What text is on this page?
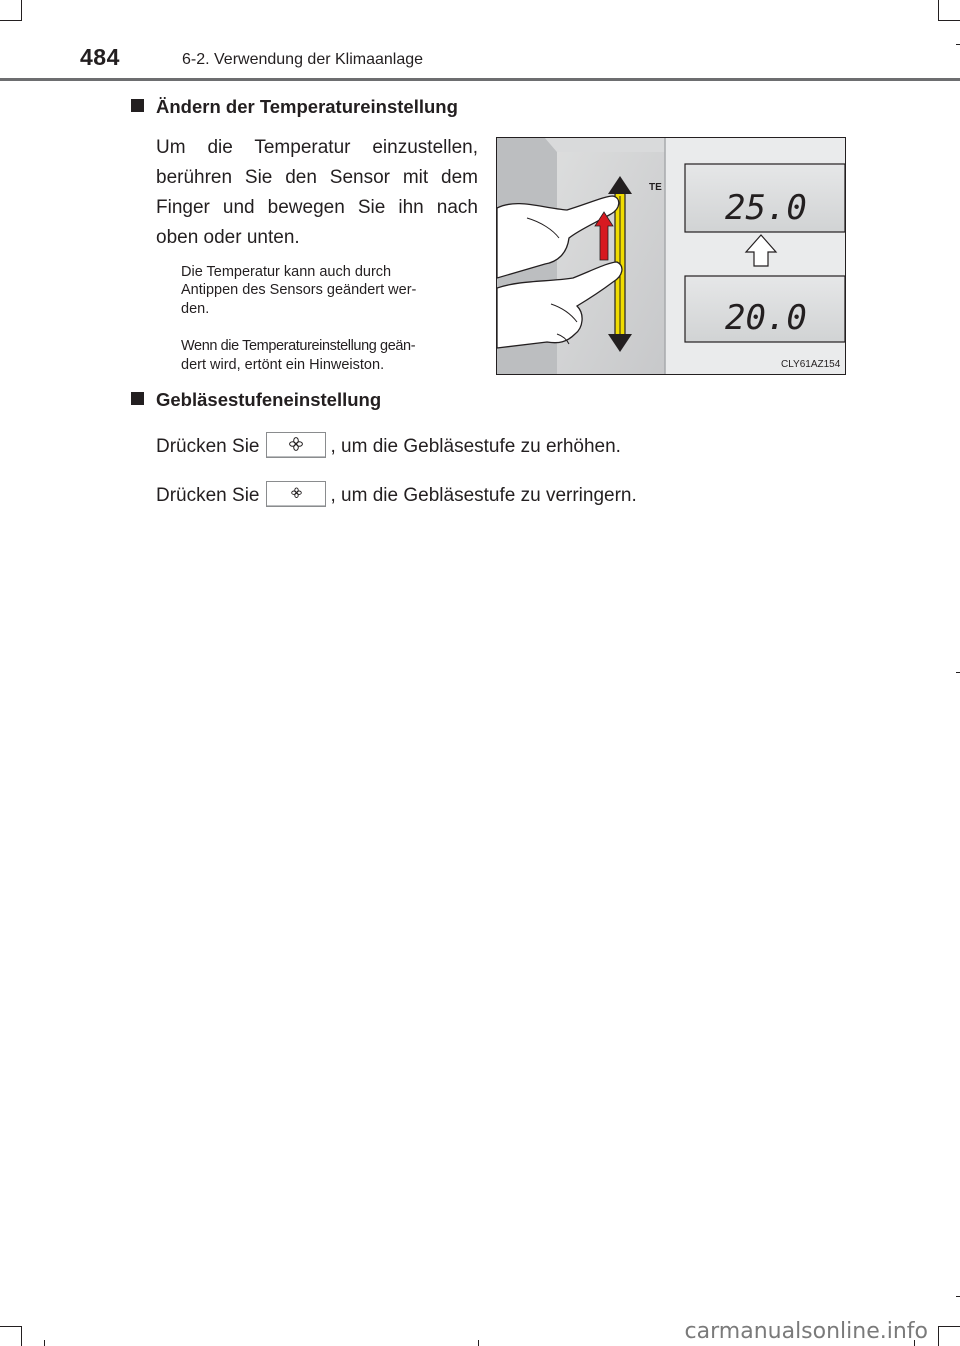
484	6-2. Verwendung der Klimaanlage
Ändern der Temperatureinstellung
Um die Temperatur einzustellen,
berühren Sie den Sensor mit dem
Finger und bewegen Sie ihn nach
oben oder unten.
Die Temperatur kann auch durch
Antippen des Sensors geändert wer-
den.
Wenn die Temperatureinstellung geän-
dert wird, ertönt ein Hinweiston.
25.0
20.0
TE
CLY61AZ154
Gebläsestufeneinstellung
Drücken Sie	, um die Gebläsestufe zu erhöhen.
Drücken Sie	, um die Gebläsestufe zu verringern.
carmanualsonline.info
